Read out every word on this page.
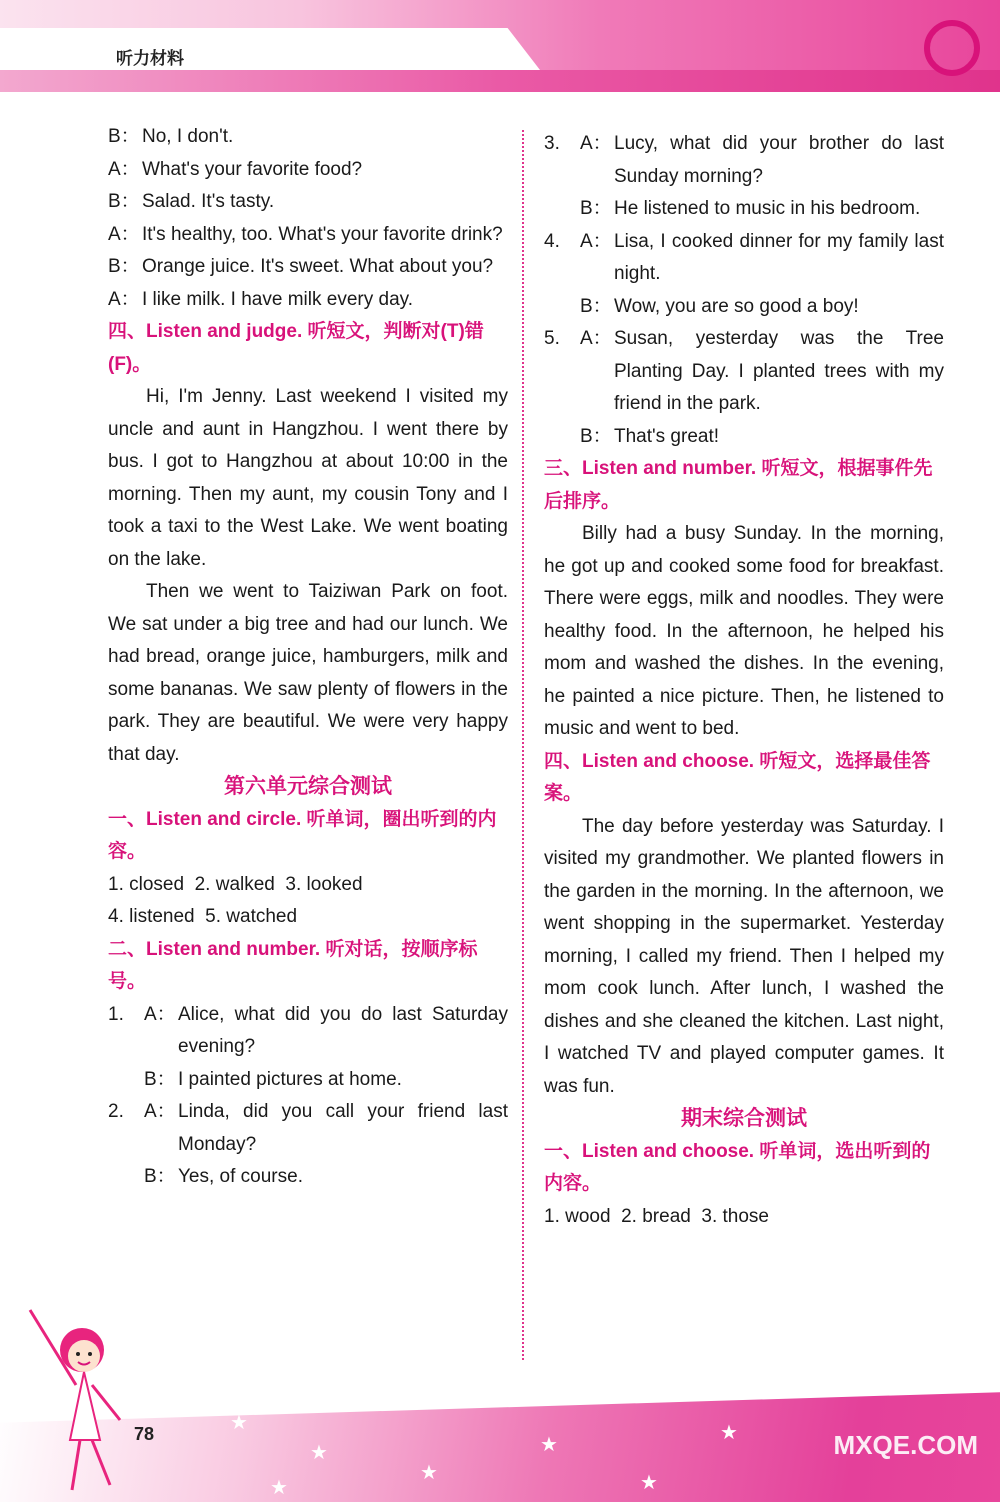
听力材料
B： No, I don't.
A： What's your favorite food?
B： Salad. It's tasty.
A： It's healthy, too. What's your favorite drink?
B： Orange juice. It's sweet. What about you?
A： I like milk. I have milk every day.

四、Listen and judge. 听短文，判断对(T)错(F)。

Hi, I'm Jenny. Last weekend I visited my uncle and aunt in Hangzhou. I went there by bus. I got to Hangzhou at about 10:00 in the morning. Then my aunt, my cousin Tony and I took a taxi to the West Lake. We went boating on the lake.

Then we went to Taiziwan Park on foot. We sat under a big tree and had our lunch. We had bread, orange juice, hamburgers, milk and some bananas. We saw plenty of flowers in the park. They are beautiful. We were very happy that day.

第六单元综合测试

一、Listen and circle. 听单词，圈出听到的内容。

1. closed  2. walked  3. looked

4. listened  5. watched

二、Listen and number. 听对话，按顺序标号。

1.	A： Alice, what did you do last Saturday evening?
B： I painted pictures at home.
2.	A： Linda, did you call your friend last Monday?
B： Yes, of course.
3.	A： Lucy, what did your brother do last Sunday morning?
B： He listened to music in his bedroom.
4.	A： Lisa, I cooked dinner for my family last night.
B： Wow, you are so good a boy!
5.	A： Susan, yesterday was the Tree Planting Day. I planted trees with my friend in the park.
B： That's great!

三、Listen and number. 听短文，根据事件先后排序。

Billy had a busy Sunday. In the morning, he got up and cooked some food for breakfast. There were eggs, milk and noodles. They were healthy food. In the afternoon, he helped his mom and washed the dishes. In the evening, he painted a nice picture. Then, he listened to music and went to bed.

四、Listen and choose. 听短文，选择最佳答案。

The day before yesterday was Saturday. I visited my grandmother. We planted flowers in the garden in the morning. In the afternoon, we went shopping in the supermarket. Yesterday morning, I called my friend. Then I helped my mom cook lunch. After lunch, I washed the dishes and she cleaned the kitchen. Last night, I watched TV and played computer games. It was fun.

期末综合测试

一、Listen and choose. 听单词，选出听到的内容。

1. wood  2. bread  3. those

★
★
★
★
★
★
★
78	MXQE.COM
